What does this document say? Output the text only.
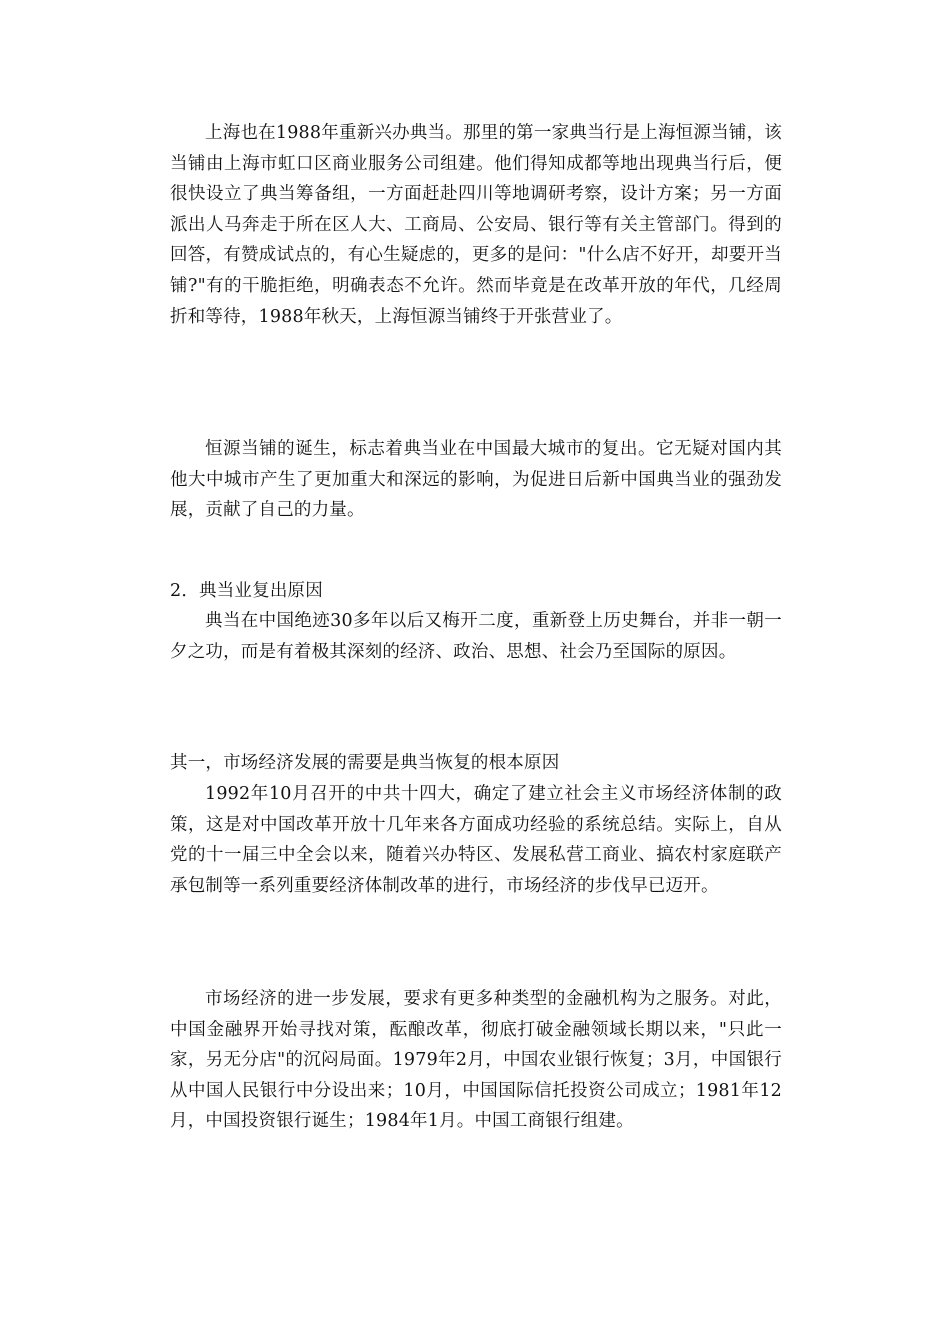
上海也在1988年重新兴办典当。那里的第一家典当行是上海恒源当铺，该当铺由上海市虹口区商业服务公司组建。他们得知成都等地出现典当行后，便很快设立了典当筹备组，一方面赶赴四川等地调研考察，设计方案；另一方面派出人马奔走于所在区人大、工商局、公安局、银行等有关主管部门。得到的回答，有赞成试点的，有心生疑虑的，更多的是问："什么店不好开，却要开当铺?"有的干脆拒绝，明确表态不允许。然而毕竟是在改革开放的年代，几经周折和等待，1988年秋天，上海恒源当铺终于开张营业了。

恒源当铺的诞生，标志着典当业在中国最大城市的复出。它无疑对国内其他大中城市产生了更加重大和深远的影响，为促进日后新中国典当业的强劲发展，贡献了自己的力量。

2．典当业复出原因

典当在中国绝迹30多年以后又梅开二度，重新登上历史舞台，并非一朝一夕之功，而是有着极其深刻的经济、政治、思想、社会乃至国际的原因。

其一，市场经济发展的需要是典当恢复的根本原因

1992年10月召开的中共十四大，确定了建立社会主义市场经济体制的政策，这是对中国改革开放十几年来各方面成功经验的系统总结。实际上，自从党的十一届三中全会以来，随着兴办特区、发展私营工商业、搞农村家庭联产承包制等一系列重要经济体制改革的进行，市场经济的步伐早已迈开。

市场经济的进一步发展，要求有更多种类型的金融机构为之服务。对此，中国金融界开始寻找对策，酝酿改革，彻底打破金融领域长期以来，"只此一家，另无分店"的沉闷局面。1979年2月，中国农业银行恢复；3月，中国银行从中国人民银行中分设出来；10月，中国国际信托投资公司成立；1981年12月，中国投资银行诞生；1984年1月。中国工商银行组建。
